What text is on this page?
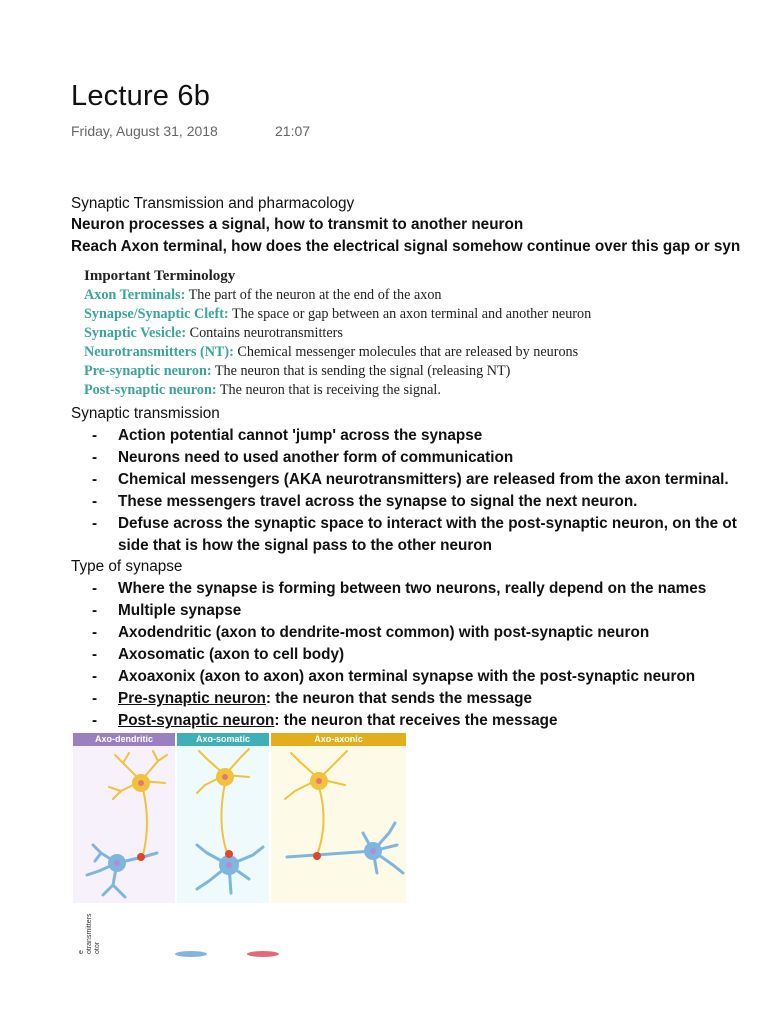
Lecture 6b
Friday, August 31, 2018	21:07
Synaptic Transmission and pharmacology
Neuron processes a signal, how to transmit to another neuron
Reach Axon terminal, how does the electrical signal somehow continue over this gap or syn
Important Terminology
Axon Terminals: The part of the neuron at the end of the axon
Synapse/Synaptic Cleft: The space or gap between an axon terminal and another neuron
Synaptic Vesicle: Contains neurotransmitters
Neurotransmitters (NT): Chemical messenger molecules that are released by neurons
Pre-synaptic neuron: The neuron that is sending the signal (releasing NT)
Post-synaptic neuron: The neuron that is receiving the signal.
Synaptic transmission
- Action potential cannot 'jump' across the synapse
- Neurons need to used another form of communication
- Chemical messengers (AKA neurotransmitters) are released from the axon terminal.
- These messengers travel across the synapse to signal the next neuron.
- Defuse across the synaptic space to interact with the post-synaptic neuron, on the ot
side that is how the signal pass to the other neuron
Type of synapse
- Where the synapse is forming between two neurons, really depend on the names
- Multiple synapse
- Axodendritic (axon to dendrite-most common) with post-synaptic neuron
- Axosomatic (axon to cell body)
- Axoaxonix (axon to axon) axon terminal synapse with the post-synaptic neuron
- Pre-synaptic neuron: the neuron that sends the message
- Post-synaptic neuron: the neuron that receives the message
Axo-dendritic	Axo-somatic	Axo-axonic
e otransmitters otor
